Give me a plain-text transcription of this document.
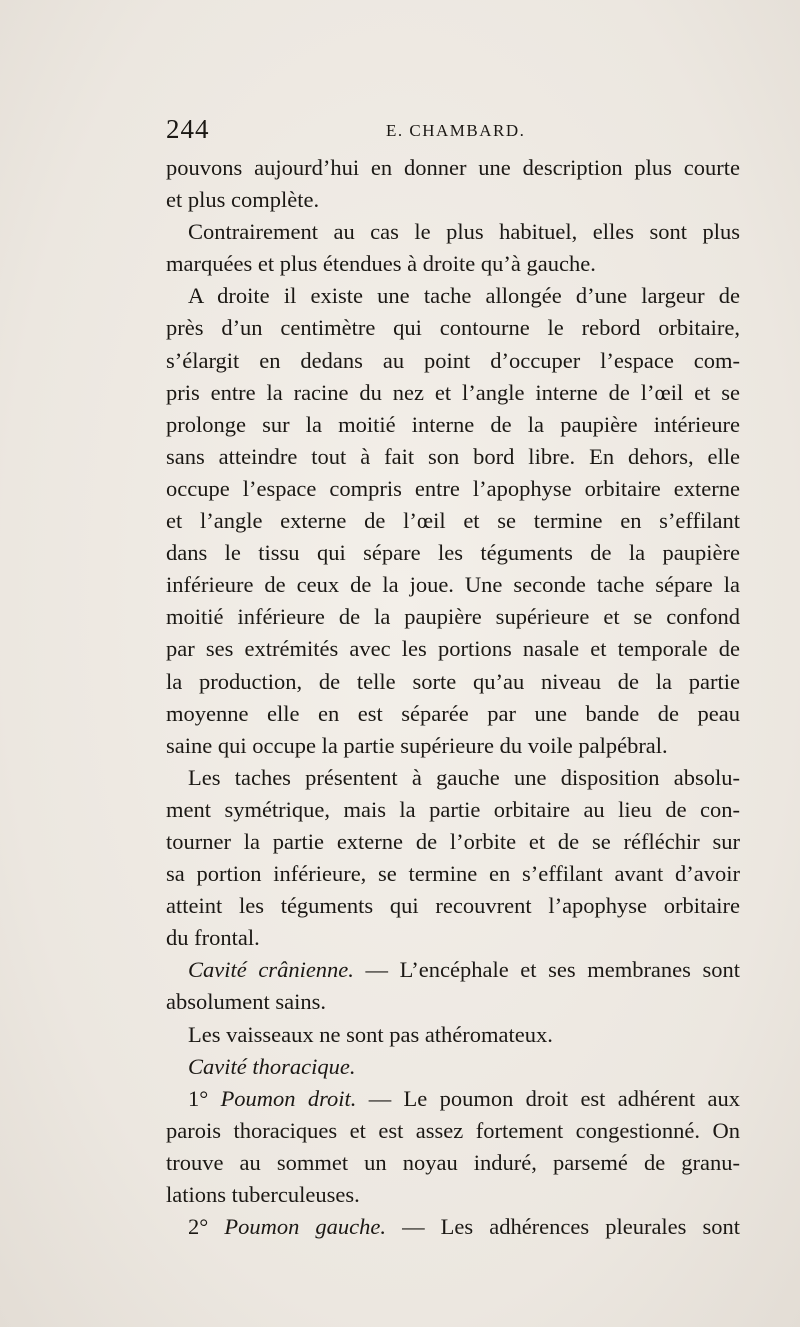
244	E. CHAMBARD.
pouvons aujourd’hui en donner une description plus courte
et plus complète.
Contrairement au cas le plus habituel, elles sont plus
marquées et plus étendues à droite qu’à gauche.
A droite il existe une tache allongée d’une largeur de
près d’un centimètre qui contourne le rebord orbitaire,
s’élargit en dedans au point d’occuper l’espace com-
pris entre la racine du nez et l’angle interne de l’œil et se
prolonge sur la moitié interne de la paupière intérieure
sans atteindre tout à fait son bord libre. En dehors, elle
occupe l’espace compris entre l’apophyse orbitaire externe
et l’angle externe de l’œil et se termine en s’effilant
dans le tissu qui sépare les téguments de la paupière
inférieure de ceux de la joue. Une seconde tache sépare la
moitié inférieure de la paupière supérieure et se confond
par ses extrémités avec les portions nasale et temporale de
la production, de telle sorte qu’au niveau de la partie
moyenne elle en est séparée par une bande de peau
saine qui occupe la partie supérieure du voile palpébral.
Les taches présentent à gauche une disposition absolu-
ment symétrique, mais la partie orbitaire au lieu de con-
tourner la partie externe de l’orbite et de se réfléchir sur
sa portion inférieure, se termine en s’effilant avant d’avoir
atteint les téguments qui recouvrent l’apophyse orbitaire
du frontal.
Cavité crânienne. — L’encéphale et ses membranes sont
absolument sains.
Les vaisseaux ne sont pas athéromateux.
Cavité thoracique.
1° Poumon droit. — Le poumon droit est adhérent aux
parois thoraciques et est assez fortement congestionné. On
trouve au sommet un noyau induré, parsemé de granu-
lations tuberculeuses.
2° Poumon gauche. — Les adhérences pleurales sont
